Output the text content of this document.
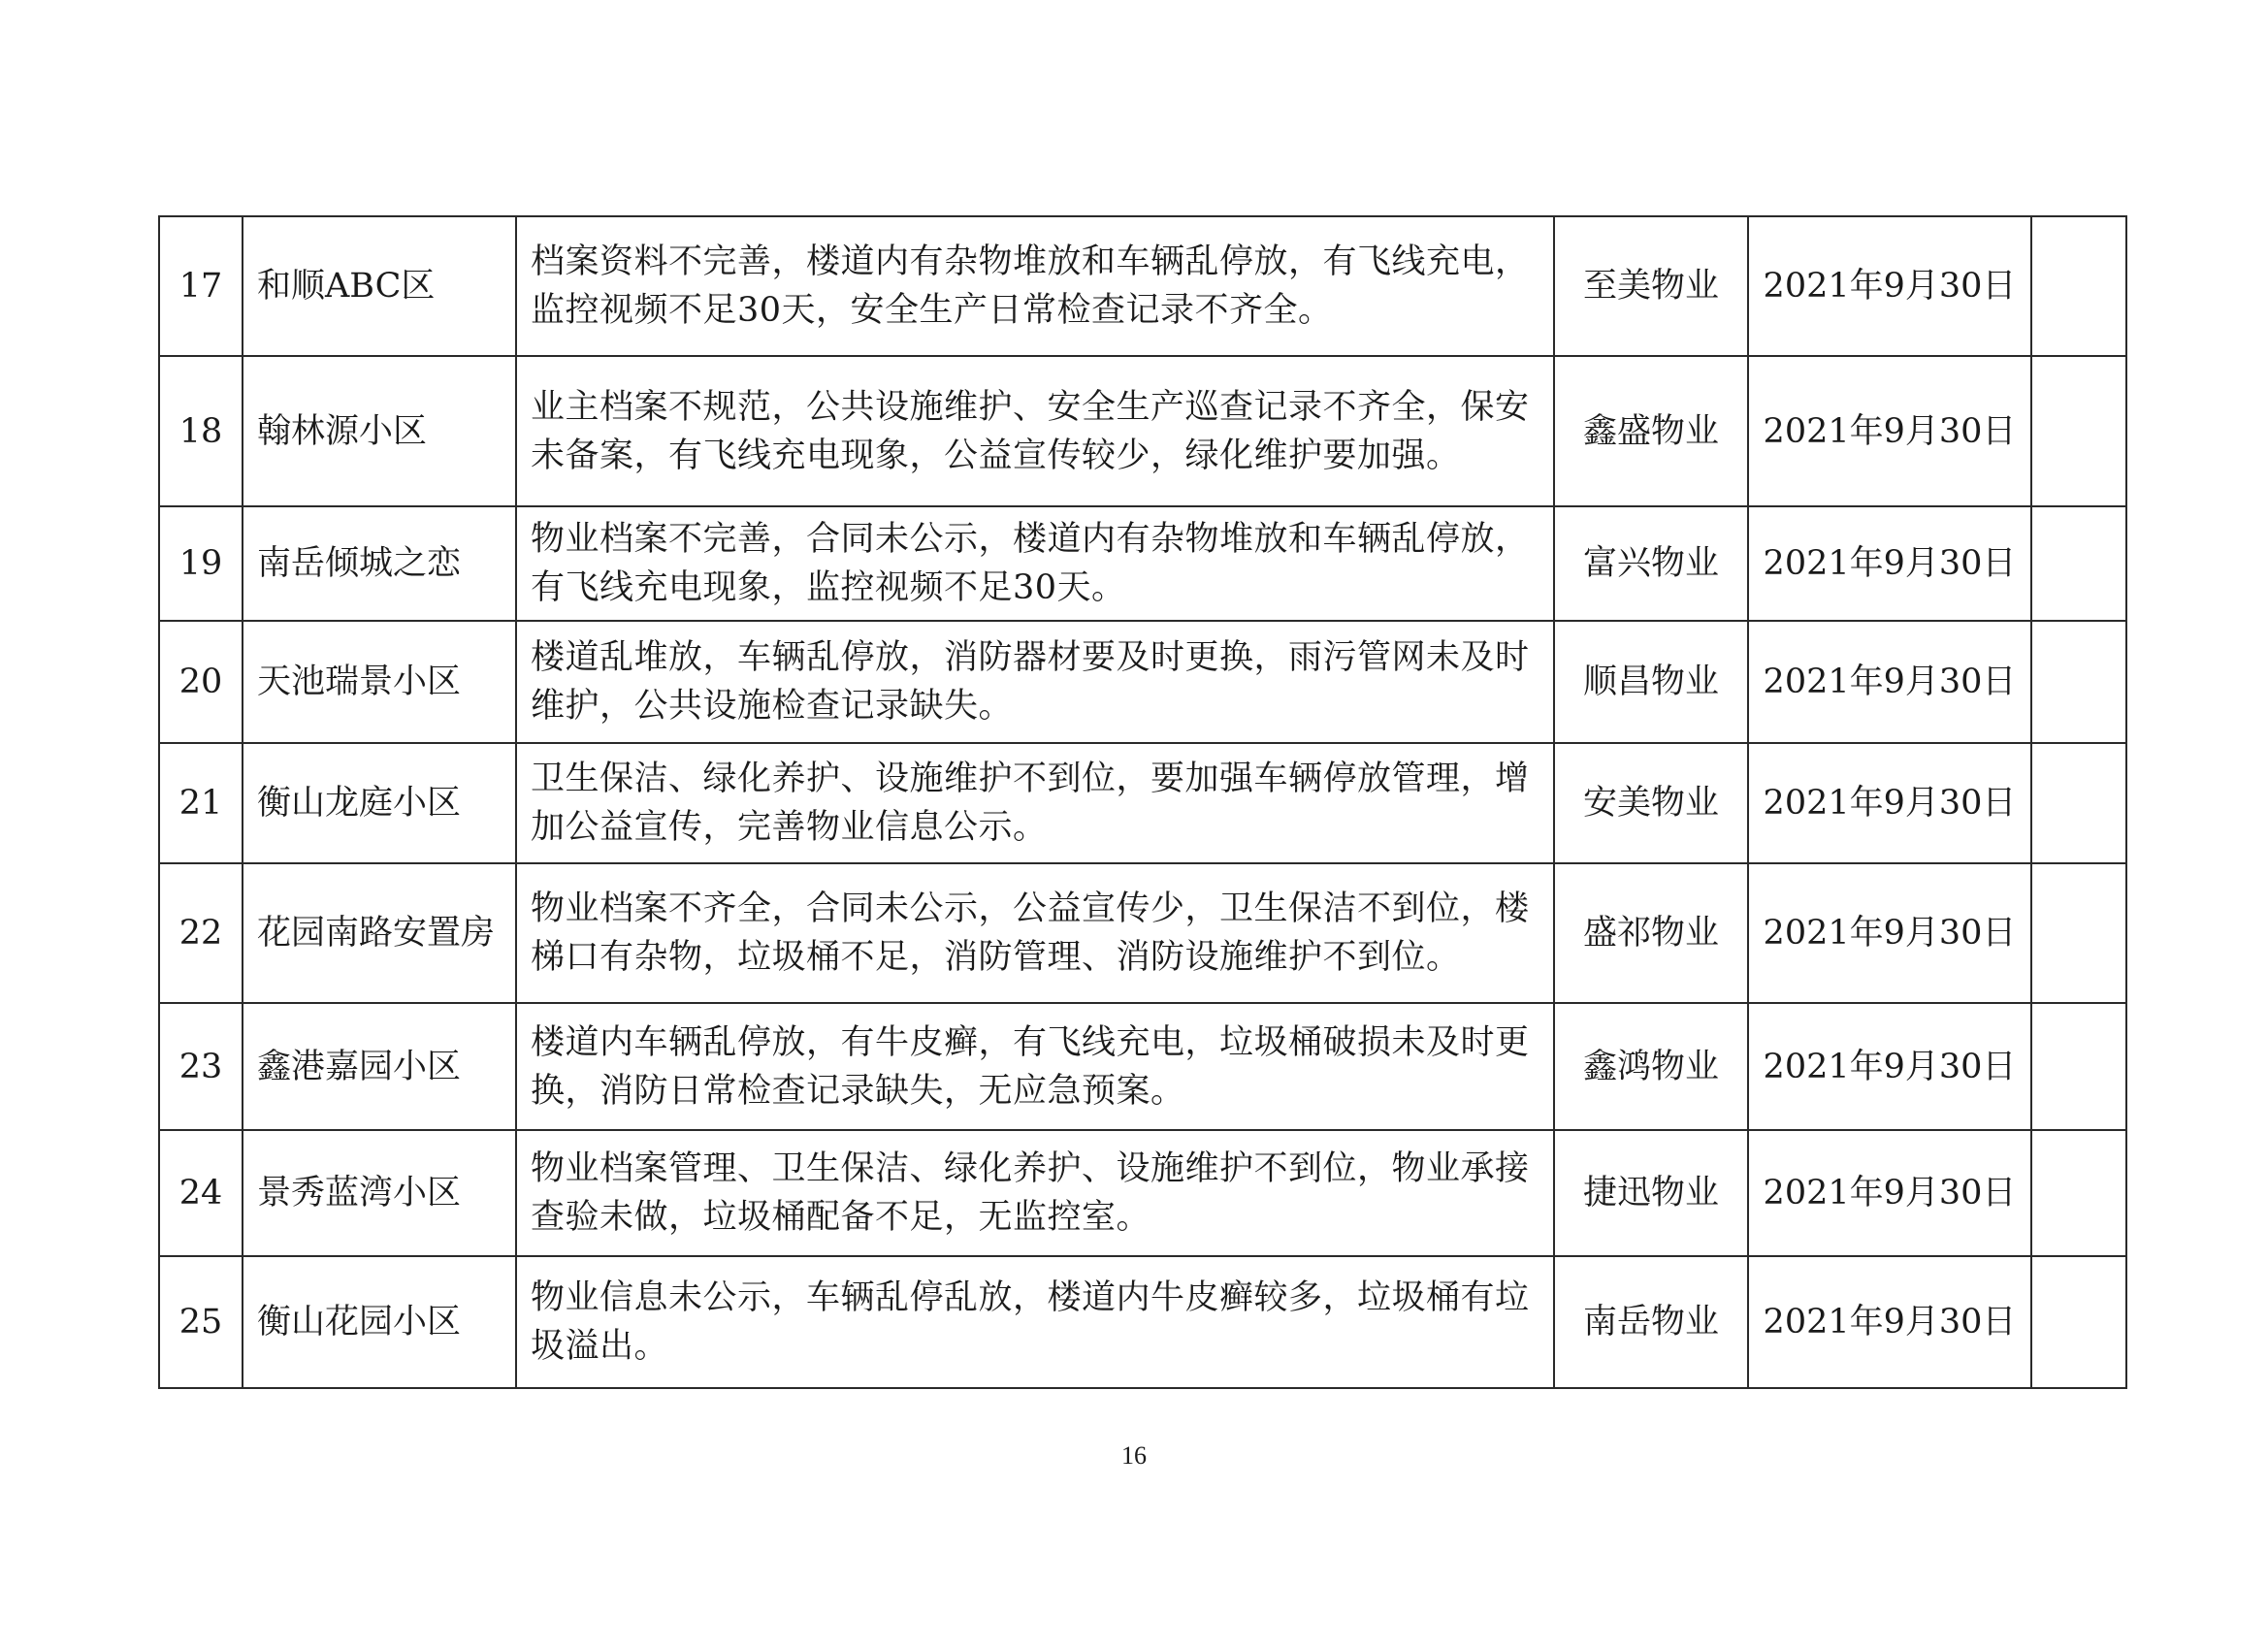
17	和顺ABC区	档案资料不完善，楼道内有杂物堆放和车辆乱停放，有飞线充电，监控视频不足30天，安全生产日常检查记录不齐全。	至美物业	2021年9月30日	
18	翰林源小区	业主档案不规范，公共设施维护、安全生产巡查记录不齐全，保安未备案，有飞线充电现象，公益宣传较少，绿化维护要加强。	鑫盛物业	2021年9月30日	
19	南岳倾城之恋	物业档案不完善，合同未公示，楼道内有杂物堆放和车辆乱停放，有飞线充电现象，监控视频不足30天。	富兴物业	2021年9月30日	
20	天池瑞景小区	楼道乱堆放，车辆乱停放，消防器材要及时更换，雨污管网未及时维护，公共设施检查记录缺失。	顺昌物业	2021年9月30日	
21	衡山龙庭小区	卫生保洁、绿化养护、设施维护不到位，要加强车辆停放管理，增加公益宣传，完善物业信息公示。	安美物业	2021年9月30日	
22	花园南路安置房	物业档案不齐全，合同未公示，公益宣传少，卫生保洁不到位，楼梯口有杂物，垃圾桶不足，消防管理、消防设施维护不到位。	盛祁物业	2021年9月30日	
23	鑫港嘉园小区	楼道内车辆乱停放，有牛皮癣，有飞线充电，垃圾桶破损未及时更换，消防日常检查记录缺失，无应急预案。	鑫鸿物业	2021年9月30日	
24	景秀蓝湾小区	物业档案管理、卫生保洁、绿化养护、设施维护不到位，物业承接查验未做，垃圾桶配备不足，无监控室。	捷迅物业	2021年9月30日	
25	衡山花园小区	物业信息未公示，车辆乱停乱放，楼道内牛皮癣较多，垃圾桶有垃圾溢出。	南岳物业	2021年9月30日	
16
